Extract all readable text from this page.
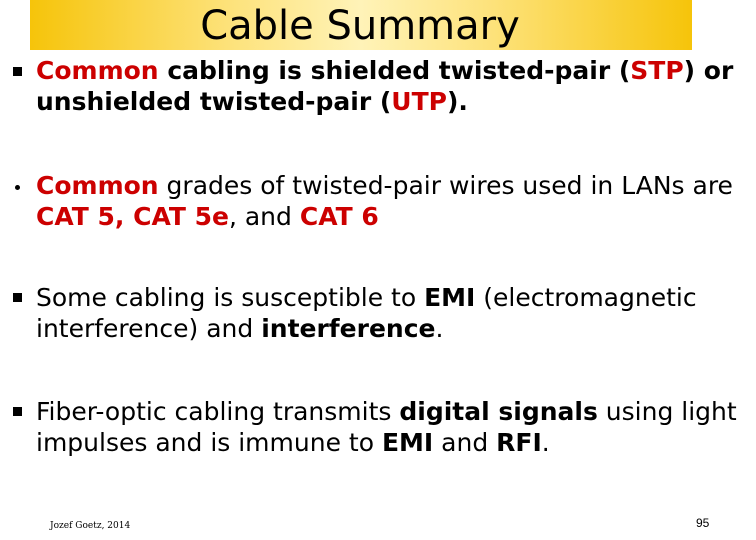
Cable Summary
Common cabling is shielded twisted-pair (STP) or
unshielded twisted-pair (UTP).
Common grades of twisted-pair wires used in LANs are
CAT 5, CAT 5e, and CAT 6
Some cabling is susceptible to EMI (electromagnetic
interference) and interference.
Fiber-optic cabling transmits digital signals using light
impulses and is immune to EMI and RFI.
Jozef Goetz, 2014	95
